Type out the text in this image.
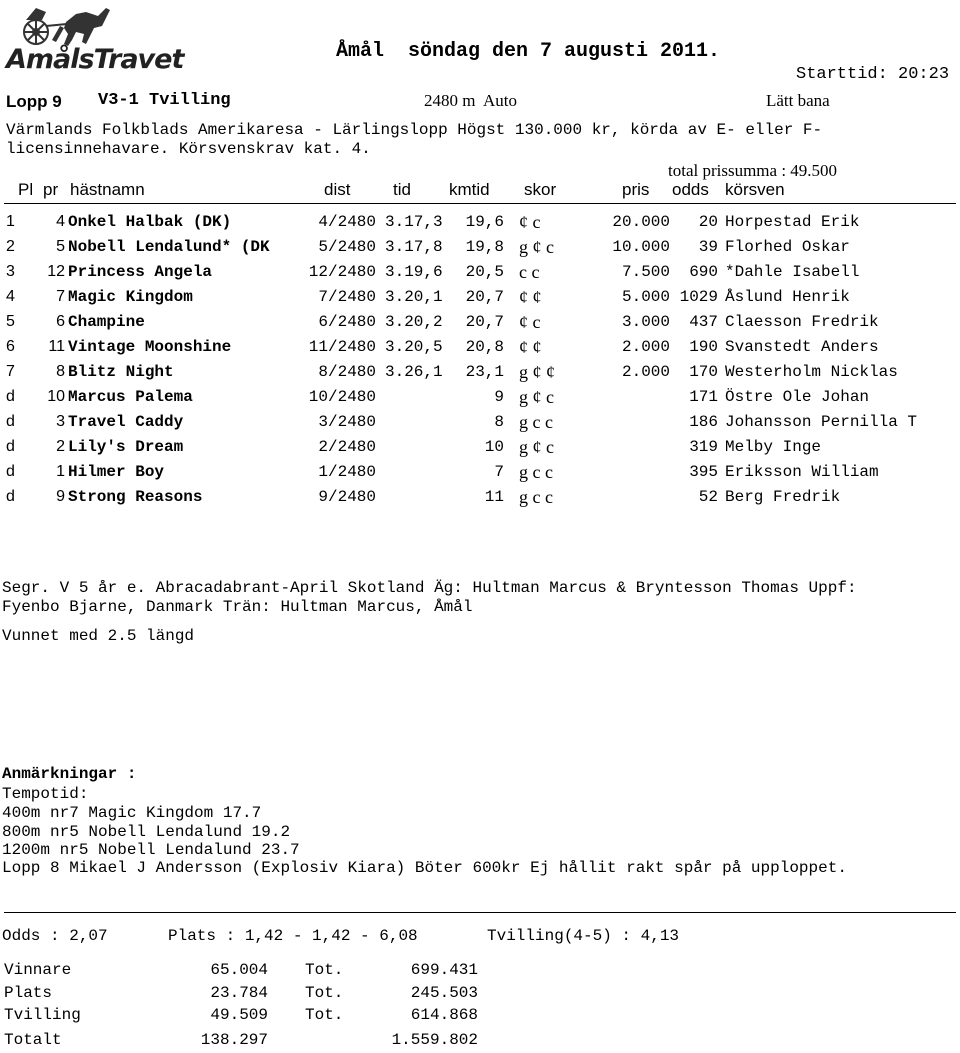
AmålsTravet	Åmål  söndag den 7 augusti 2011.
Starttid: 20:23
Lopp 9 V3-1 Tvilling	2480 m  Auto	Lätt bana
Värmlands Folkblads Amerikaresa - Lärlingslopp Högst 130.000 kr, körda av E- eller F-
licensinnehavare. Körsvenskrav kat. 4.
total prissumma : 49.500
Pl pr hästnamn	dist	tid kmtid skor	pris odds körsven
1	4 Onkel Halbak (DK)	4/2480 3.17,3	19,6 ¢ c	20.000	20 Horpestad Erik
2	5 Nobell Lendalund* (DK	5/2480 3.17,8	19,8 g ¢ c	10.000	39 Florhed Oskar
3	12 Princess Angela	12/2480 3.19,6	20,5 c c	7.500	690 *Dahle Isabell
4	7 Magic Kingdom	7/2480 3.20,1	20,7 ¢ ¢	5.000 1029 Åslund Henrik
5	6 Champine	6/2480 3.20,2	20,7 ¢ c	3.000	437 Claesson Fredrik
6	11 Vintage Moonshine	11/2480 3.20,5	20,8 ¢ ¢	2.000	190 Svanstedt Anders
7	8 Blitz Night	8/2480 3.26,1	23,1 g ¢ ¢	2.000	170 Westerholm Nicklas
d	10 Marcus Palema	10/2480	9 g ¢ c	171 Östre Ole Johan
d	3 Travel Caddy	3/2480	8 g c c	186 Johansson Pernilla T
d	2 Lily's Dream	2/2480	10 g ¢ c	319 Melby Inge
d	1 Hilmer Boy	1/2480	7 g c c	395 Eriksson William
d	9 Strong Reasons	9/2480	11 g c c	52 Berg Fredrik
Segr. V 5 år e. Abracadabrant-April Skotland Äg: Hultman Marcus & Bryntesson Thomas Uppf:
Fyenbo Bjarne, Danmark Trän: Hultman Marcus, Åmål
Vunnet med 2.5 längd
Anmärkningar :
Tempotid:
400m nr7 Magic Kingdom 17.7
800m nr5 Nobell Lendalund 19.2
1200m nr5 Nobell Lendalund 23.7
Lopp 8 Mikael J Andersson (Explosiv Kiara) Böter 600kr Ej hållit rakt spår på upploppet.
Odds : 2,07	Plats : 1,42 - 1,42 - 6,08	Tvilling(4-5) : 4,13
Vinnare	65.004 Tot.	699.431
Plats	23.784 Tot.	245.503
Tvilling	49.509 Tot.	614.868
Totalt	138.297	1.559.802
